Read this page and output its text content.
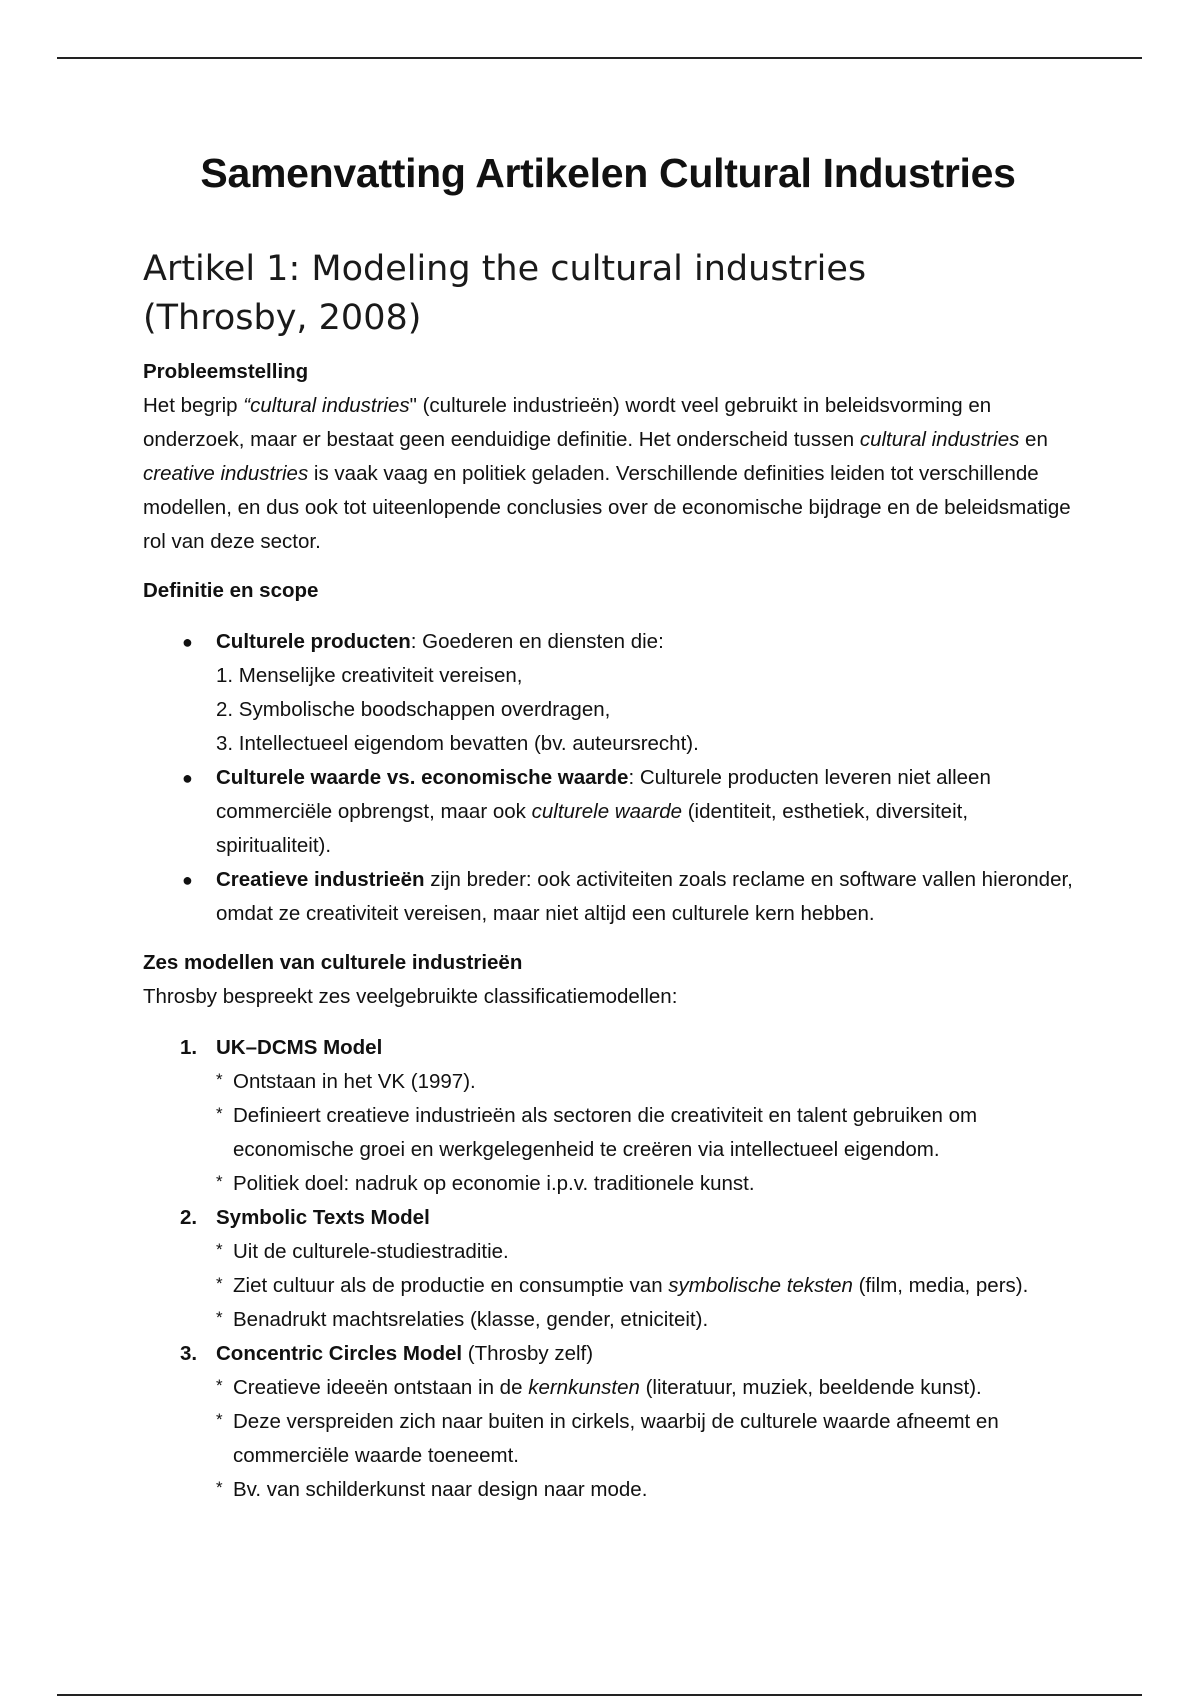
Samenvatting Artikelen Cultural Industries
Artikel 1: Modeling the cultural industries
(Throsby, 2008)

Probleemstelling

Het begrip “cultural industries" (culturele industrieën) wordt veel gebruikt in beleidsvorming en onderzoek, maar er bestaat geen eenduidige definitie. Het onderscheid tussen cultural industries en creative industries is vaak vaag en politiek geladen. Verschillende definities leiden tot verschillende modellen, en dus ook tot uiteenlopende conclusies over de economische bijdrage en de beleidsmatige rol van deze sector.

Definitie en scope

● Culturele producten: Goederen en diensten die:
1. Menselijke creativiteit vereisen,
2. Symbolische boodschappen overdragen,
3. Intellectueel eigendom bevatten (bv. auteursrecht).
● Culturele waarde vs. economische waarde: Culturele producten leveren niet alleen commerciële opbrengst, maar ook culturele waarde (identiteit, esthetiek, diversiteit, spiritualiteit).
● Creatieve industrieën zijn breder: ook activiteiten zoals reclame en software vallen hieronder, omdat ze creativiteit vereisen, maar niet altijd een culturele kern hebben.

Zes modellen van culturele industrieën

Throsby bespreekt zes veelgebruikte classificatiemodellen:

1. UK–DCMS Model
* Ontstaan in het VK (1997).
* Definieert creatieve industrieën als sectoren die creativiteit en talent gebruiken om economische groei en werkgelegenheid te creëren via intellectueel eigendom.
* Politiek doel: nadruk op economie i.p.v. traditionele kunst.
2. Symbolic Texts Model
* Uit de culturele-studiestraditie.
* Ziet cultuur als de productie en consumptie van symbolische teksten (film, media, pers).
* Benadrukt machtsrelaties (klasse, gender, etniciteit).
3. Concentric Circles Model (Throsby zelf)
* Creatieve ideeën ontstaan in de kernkunsten (literatuur, muziek, beeldende kunst).
* Deze verspreiden zich naar buiten in cirkels, waarbij de culturele waarde afneemt en commerciële waarde toeneemt.
* Bv. van schilderkunst naar design naar mode.
